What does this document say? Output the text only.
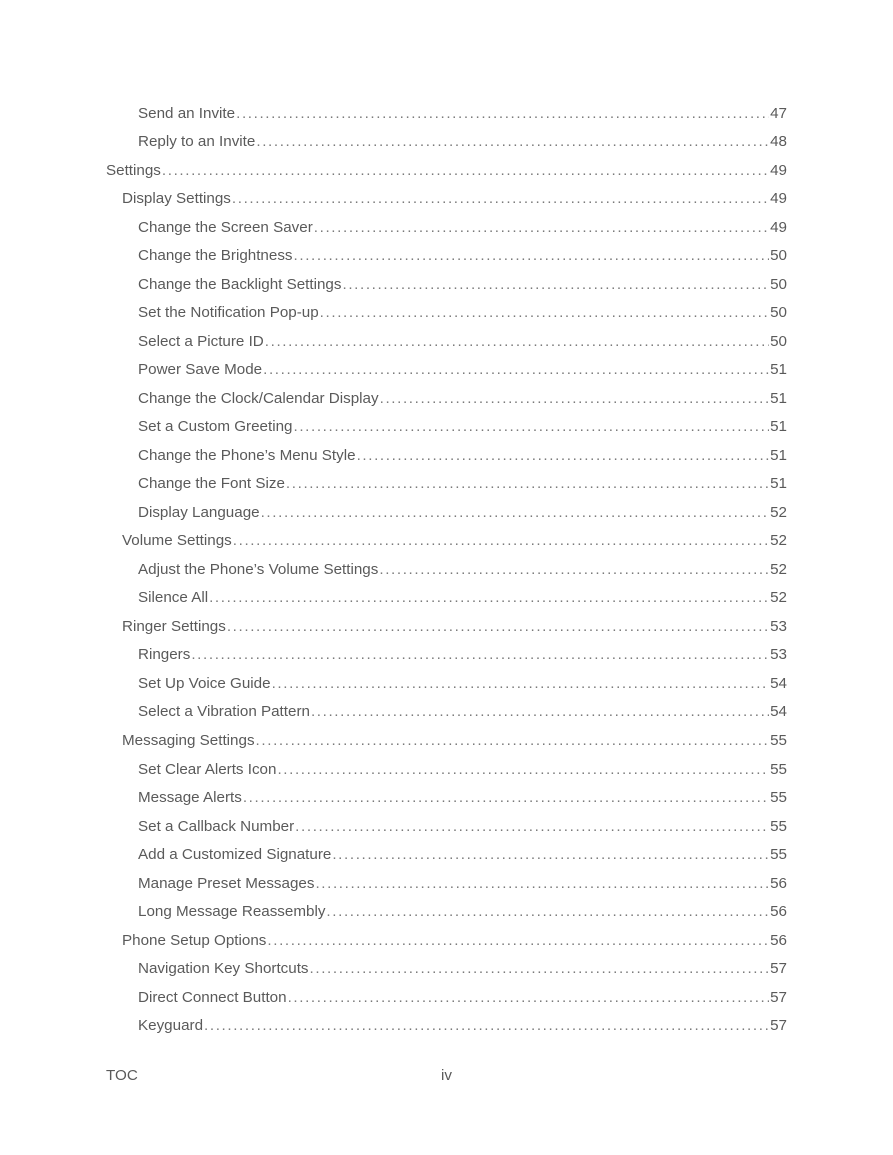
Send an Invite . . .	47
Reply to an Invite . . .	48
Settings . . .	49
Display Settings . . .	49
Change the Screen Saver . . .	49
Change the Brightness . . .	50
Change the Backlight Settings . . .	50
Set the Notification Pop-up . . .	50
Select a Picture ID . . .	50
Power Save Mode . . .	51
Change the Clock/Calendar Display . . .	51
Set a Custom Greeting . . .	51
Change the Phone’s Menu Style . . .	51
Change the Font Size . . .	51
Display Language . . .	52
Volume Settings . . .	52
Adjust the Phone’s Volume Settings . . .	52
Silence All . . .	52
Ringer Settings . . .	53
Ringers . . .	53
Set Up Voice Guide . . .	54
Select a Vibration Pattern . . .	54
Messaging Settings . . .	55
Set Clear Alerts Icon . . .	55
Message Alerts . . .	55
Set a Callback Number . . .	55
Add a Customized Signature . . .	55
Manage Preset Messages . . .	56
Long Message Reassembly . . .	56
Phone Setup Options . . .	56
Navigation Key Shortcuts . . .	57
Direct Connect Button . . .	57
Keyguard . . .	57
TOC	iv
